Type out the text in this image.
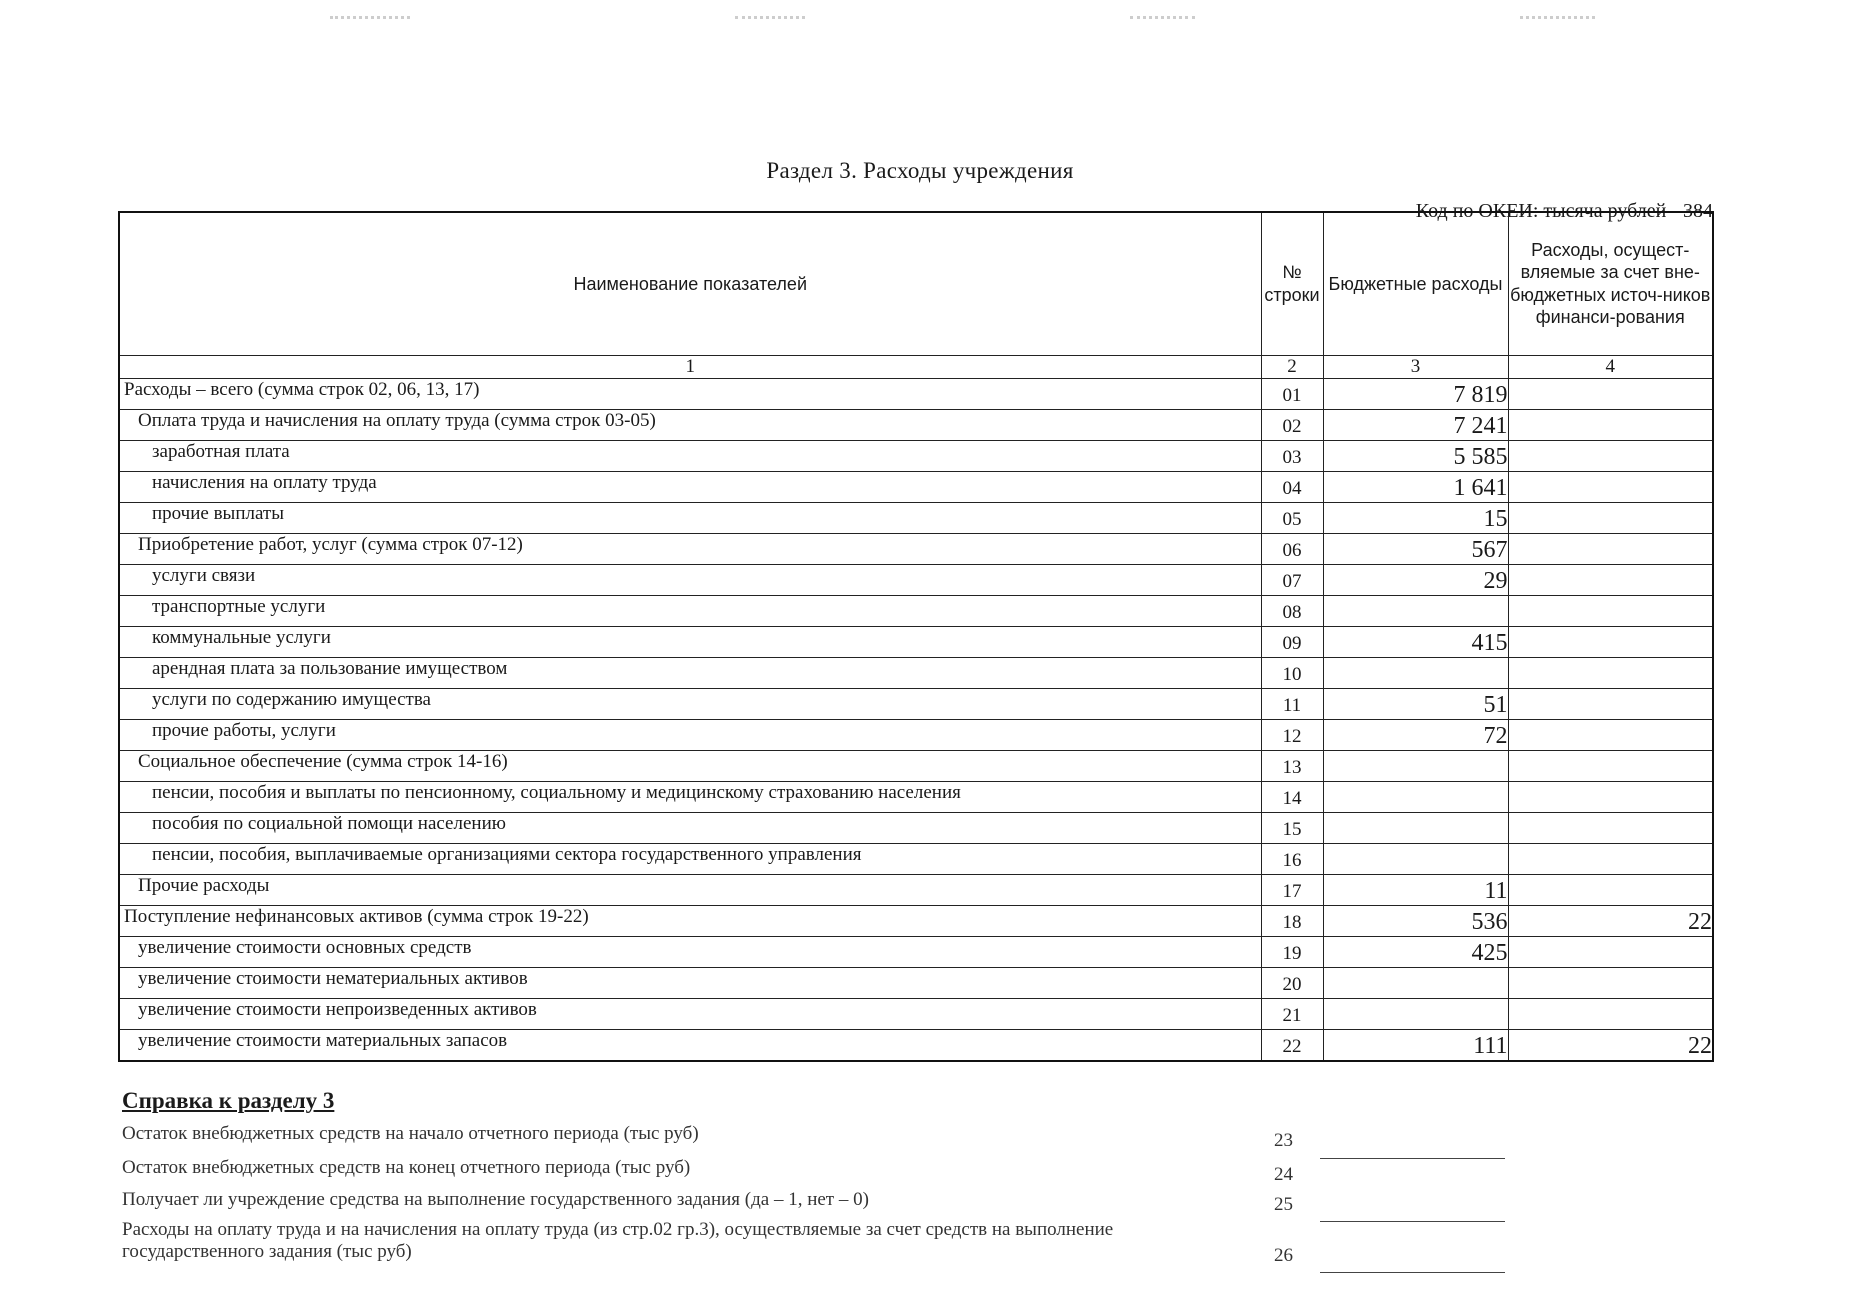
Раздел 3. Расходы учреждения
Код по ОКЕИ: тысяча рублей - 384
Наименование показателей	№ строки	Бюджетные расходы	Расходы, осущест-вляемые за счет вне-бюджетных источ-ников финанси-рования
1	2	3	4
Расходы – всего (сумма строк 02, 06, 13, 17)	01	7 819	
Оплата труда и начисления на оплату труда (сумма строк 03-05)	02	7 241	
заработная плата	03	5 585	
начисления на оплату труда	04	1 641	
прочие выплаты	05	15	
Приобретение работ, услуг (сумма строк 07-12)	06	567	
услуги связи	07	29	
транспортные услуги	08		
коммунальные услуги	09	415	
арендная плата за пользование имуществом	10		
услуги по содержанию имущества	11	51	
прочие работы, услуги	12	72	
Социальное обеспечение (сумма строк 14-16)	13		
пенсии, пособия и выплаты по пенсионному, социальному и медицинскому страхованию населения	14		
пособия по социальной помощи населению	15		
пенсии, пособия, выплачиваемые организациями сектора государственного управления	16		
Прочие расходы	17	11	
Поступление нефинансовых активов (сумма строк 19-22)	18	536	22
увеличение стоимости основных средств	19	425	
увеличение стоимости нематериальных активов	20		
увеличение стоимости непроизведенных активов	21		
увеличение стоимости материальных запасов	22	111	22
Справка к разделу 3
Остаток внебюджетных средств на начало отчетного периода (тыс руб)	23
Остаток внебюджетных средств на конец отчетного периода (тыс руб)	24
Получает ли учреждение средства на выполнение государственного задания (да – 1, нет – 0)	25
Расходы на оплату труда и на начисления на оплату труда (из стр.02 гр.3), осуществляемые за счет средств на выполнение
государственного задания (тыс руб)	26
